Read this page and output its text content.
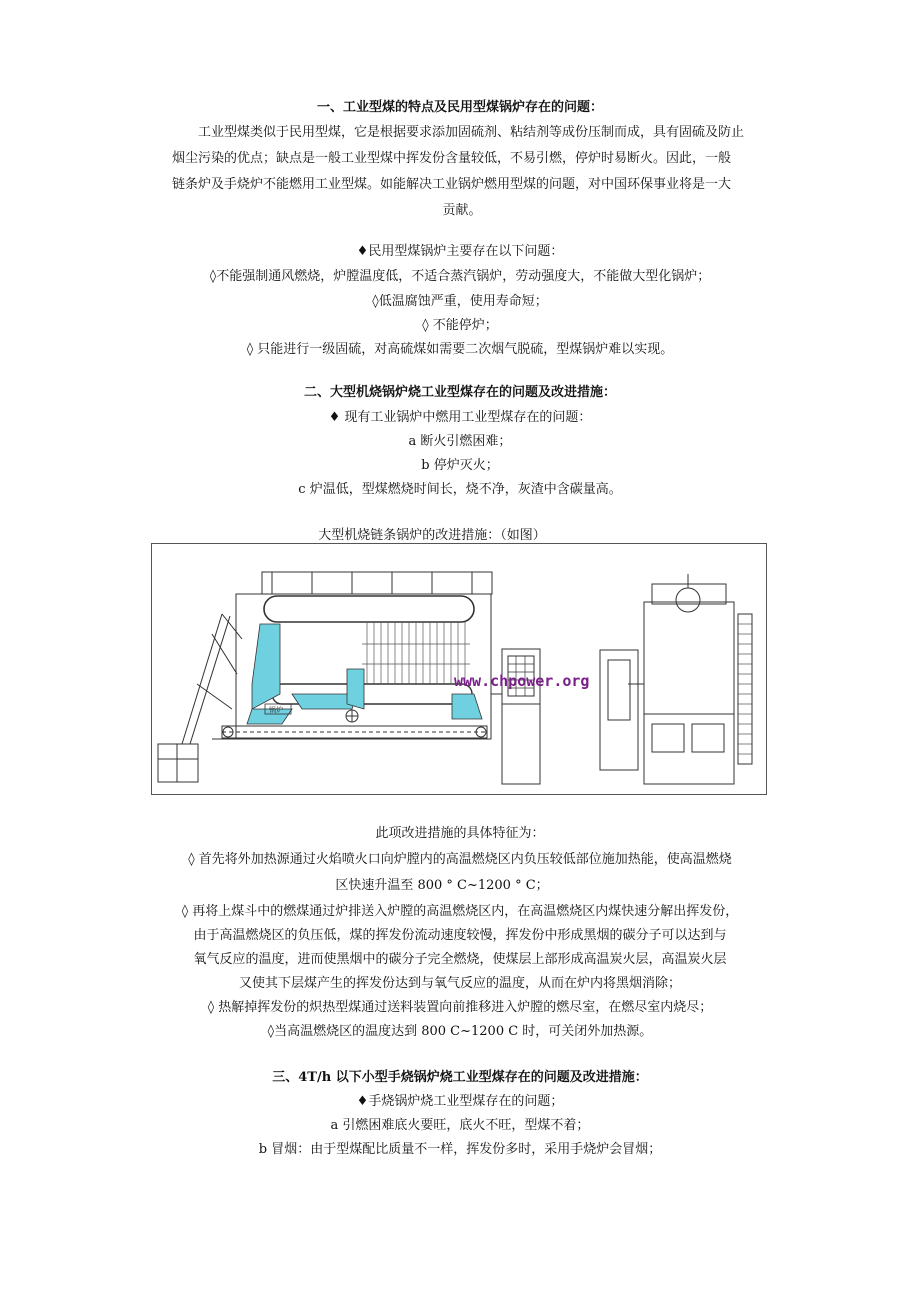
一、工业型煤的特点及民用型煤锅炉存在的问题：

工业型煤类似于民用型煤，它是根据要求添加固硫剂、粘结剂等成份压制而成，具有固硫及防止

烟尘污染的优点；缺点是一般工业型煤中挥发份含量较低，不易引燃，停炉时易断火。因此，一般

链条炉及手烧炉不能燃用工业型煤。如能解决工业锅炉燃用型煤的问题，对中国环保事业将是一大

贡献。

♦民用型煤锅炉主要存在以下问题：
◊不能强制通风燃烧，炉膛温度低，不适合蒸汽锅炉，劳动强度大，不能做大型化锅炉；
◊低温腐蚀严重，使用寿命短；
◊ 不能停炉；
◊ 只能进行一级固硫，对高硫煤如需要二次烟气脱硫，型煤锅炉难以实现。
二、大型机烧锅炉烧工业型煤存在的问题及改进措施：
♦ 现有工业锅炉中燃用工业型煤存在的问题：
a 断火引燃困难；
b 停炉灭火；
c 炉温低，型煤燃烧时间长，烧不净，灰渣中含碳量高。
大型机烧链条锅炉的改进措施：（如图）
锅炉
www.chpower.org
此项改进措施的具体特征为：
◊ 首先将外加热源通过火焰喷火口向炉膛内的高温燃烧区内负压较低部位施加热能，使高温燃烧
区快速升温至 800 ° C~1200 ° C；
◊ 再将上煤斗中的燃煤通过炉排送入炉膛的高温燃烧区内，在高温燃烧区内煤快速分解出挥发份，
由于高温燃烧区的负压低，煤的挥发份流动速度较慢，挥发份中形成黑烟的碳分子可以达到与
氧气反应的温度，进而使黑烟中的碳分子完全燃烧，使煤层上部形成高温炭火层，高温炭火层
又使其下层煤产生的挥发份达到与氧气反应的温度，从而在炉内将黑烟消除；
◊ 热解掉挥发份的炽热型煤通过送料装置向前推移进入炉膛的燃尽室，在燃尽室内烧尽；
◊当高温燃烧区的温度达到 800 C~1200 C 时，可关闭外加热源。
三、4T/h 以下小型手烧锅炉烧工业型煤存在的问题及改进措施：
♦手烧锅炉烧工业型煤存在的问题；
a 引燃困难底火要旺，底火不旺，型煤不着；
b 冒烟：由于型煤配比质量不一样，挥发份多时，采用手烧炉会冒烟；
